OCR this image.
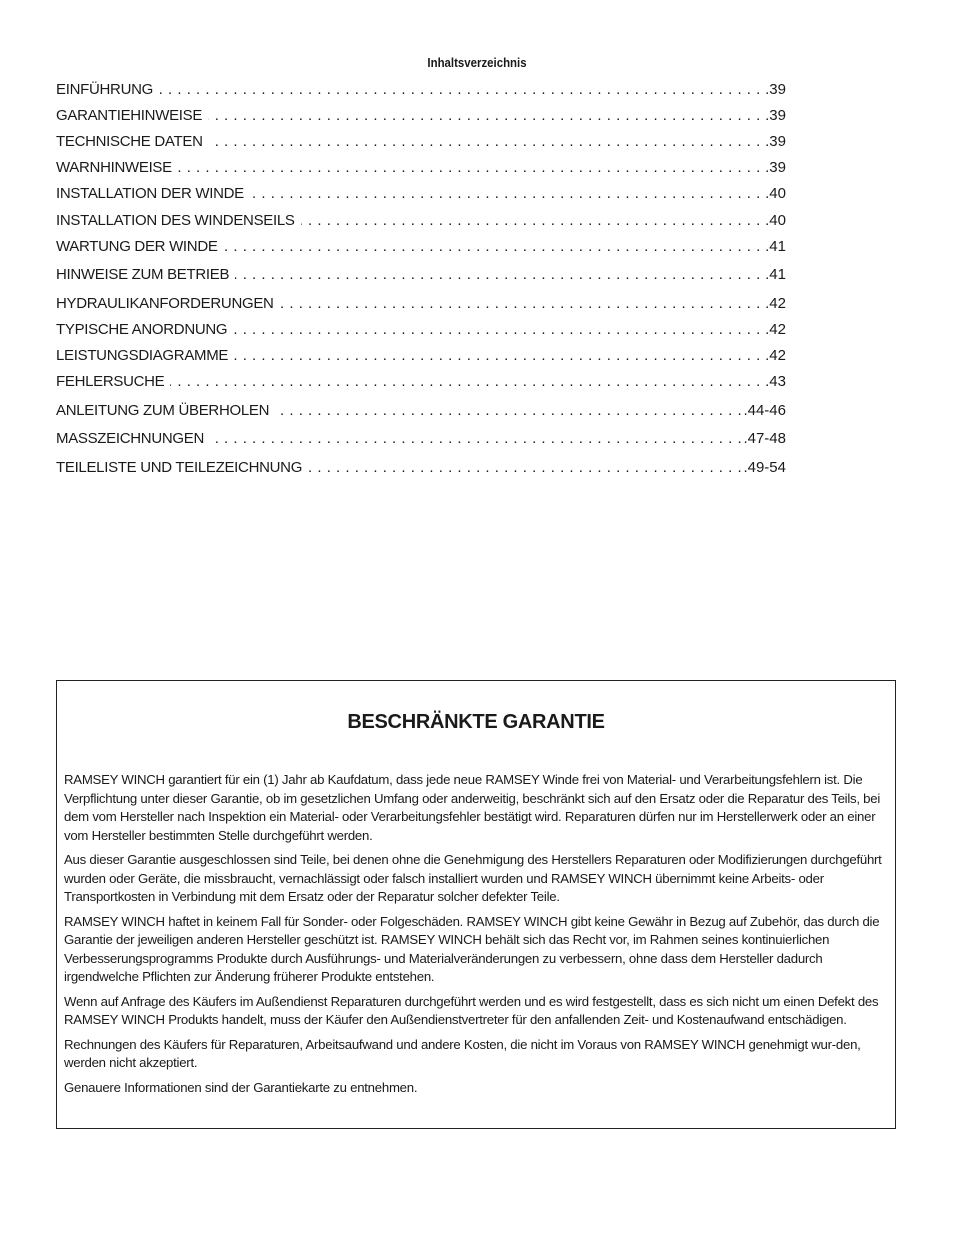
Inhaltsverzeichnis
EINFÜHRUNG	.39
. . .
GARANTIEHINWEISE	.39
. . .
TECHNISCHE DATEN	.39
. . .
WARNHINWEISE	.39
. . .
INSTALLATION DER WINDE	.40
. . .
INSTALLATION DES WINDENSEILS	.40
. . .
WARTUNG DER WINDE	.41
. . .
HINWEISE ZUM BETRIEB	.41
. . .
HYDRAULIKANFORDERUNGEN	.42
. . .
TYPISCHE ANORDNUNG	.42
. . .
LEISTUNGSDIAGRAMME	.42
. . .
FEHLERSUCHE	.43
. . .
ANLEITUNG ZUM ÜBERHOLEN	.44-46
. . .
MASSZEICHNUNGEN	.47-48
. . .
TEILELISTE UND TEILEZEICHNUNG	.49-54
. . .
BESCHRÄNKTE GARANTIE

RAMSEY WINCH garantiert für ein (1) Jahr ab Kaufdatum, dass jede neue RAMSEY Winde frei von Material- und Verarbeitungsfehlern ist. Die Verpflichtung unter dieser Garantie, ob im gesetzlichen Umfang oder anderweitig, beschränkt sich auf den Ersatz oder die Reparatur des Teils, bei dem vom Hersteller nach Inspektion ein Material- oder Verarbeitungsfehler bestätigt wird. Reparaturen dürfen nur im Herstellerwerk oder an einer vom Hersteller bestimmten Stelle durchgeführt werden.

Aus dieser Garantie ausgeschlossen sind Teile, bei denen ohne die Genehmigung des Herstellers Reparaturen oder Modifizierungen durchgeführt wurden oder Geräte, die missbraucht, vernachlässigt oder falsch installiert wurden und RAMSEY WINCH übernimmt keine Arbeits- oder Transportkosten in Verbindung mit dem Ersatz oder der Reparatur solcher defekter Teile.

RAMSEY WINCH haftet in keinem Fall für Sonder- oder Folgeschäden. RAMSEY WINCH gibt keine Gewähr in Bezug auf Zubehör, das durch die Garantie der jeweiligen anderen Hersteller geschützt ist. RAMSEY WINCH behält sich das Recht vor, im Rahmen seines kontinuierlichen Verbesserungsprogramms Produkte durch Ausführungs- und Materialveränderungen zu verbessern, ohne dass dem Hersteller dadurch irgendwelche Pflichten zur Änderung früherer Produkte entstehen.

Wenn auf Anfrage des Käufers im Außendienst Reparaturen durchgeführt werden und es wird festgestellt, dass es sich nicht um einen Defekt des RAMSEY WINCH Produkts handelt, muss der Käufer den Außendienstvertreter für den anfallenden Zeit- und Kostenaufwand entschädigen.

Rechnungen des Käufers für Reparaturen, Arbeitsaufwand und andere Kosten, die nicht im Voraus von RAMSEY WINCH genehmigt wur-den, werden nicht akzeptiert.

Genauere Informationen sind der Garantiekarte zu entnehmen.
